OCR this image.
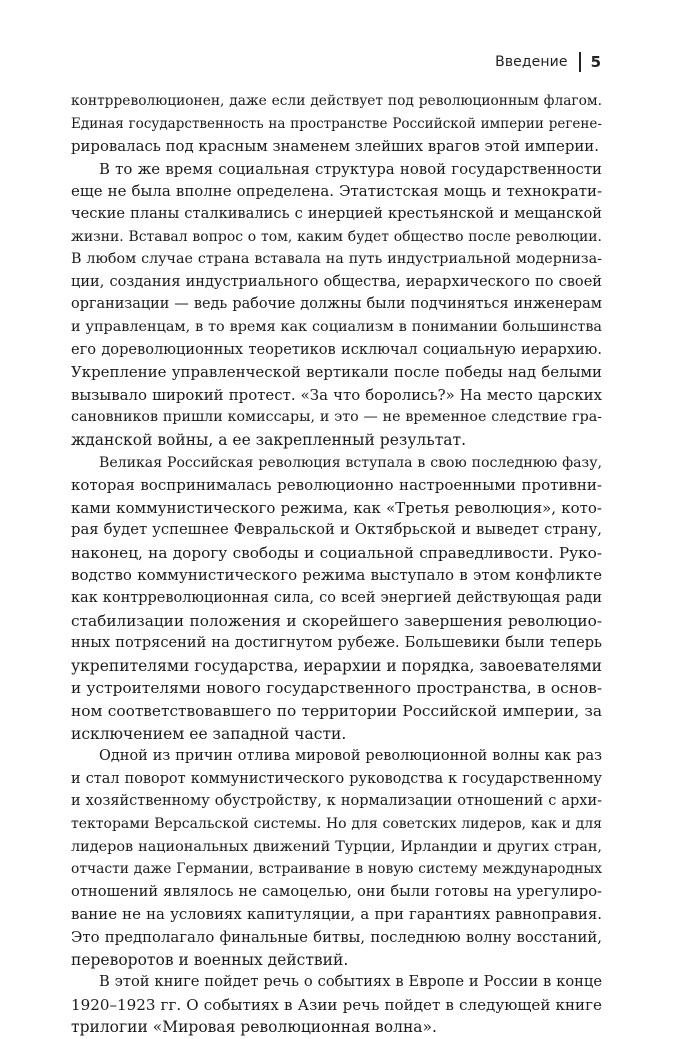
Введение 5
контрреволюционен, даже если действует под революционным флагом.
Единая государственность на пространстве Российской империи регене-
рировалась под красным знаменем злейших врагов этой империи.
В то же время социальная структура новой государственности
еще не была вполне определена. Этатистская мощь и технократи-
ческие планы сталкивались с инерцией крестьянской и мещанской
жизни. Вставал вопрос о том, каким будет общество после революции.
В любом случае страна вставала на путь индустриальной модернизa-
ции, создания индустриального общества, иерархического по своей
организации — ведь рабочие должны были подчиняться инженерам
и управленцам, в то время как социализм в понимании большинства
его дореволюционных теоретиков исключал социальную иерархию.
Укрепление управленческой вертикали после победы над белыми
вызывало широкий протест. «За что боролись?» На место царских
сановников пришли комиссары, и это — не временное следствие гра-
жданской войны, а ее закрепленный результат.
Великая Российская революция вступала в свою последнюю фазу,
которая воспринималась революционно настроенными противни-
ками коммунистического режима, как «Третья революция», кото-
рая будет успешнее Февральской и Октябрьской и выведет страну,
наконец, на дорогу свободы и социальной справедливости. Руко-
водство коммунистического режима выступало в этом конфликте
как контрреволюционная сила, со всей энергией действующая ради
стабилизации положения и скорейшего завершения революцио-
нных потрясений на достигнутом рубеже. Большевики были теперь
укрепителями государства, иерархии и порядка, завоевателями
и устроителями нового государственного пространства, в основ-
ном соответствовавшего по территории Российской империи, за
исключением ее западной части.
Одной из причин отлива мировой революционной волны как раз
и стал поворот коммунистического руководства к государственному
и хозяйственному обустройству, к нормализации отношений с архи-
текторами Версальской системы. Но для советских лидеров, как и для
лидеров национальных движений Турции, Ирландии и других стран,
отчасти даже Германии, встраивание в новую систему международных
отношений являлось не самоцелью, они были готовы на урегулиро-
вание не на условиях капитуляции, а при гарантиях равноправия.
Это предполагало финальные битвы, последнюю волну восстаний,
переворотов и военных действий.
В этой книге пойдет речь о событиях в Европе и России в конце
1920–1923 гг. О событиях в Азии речь пойдет в следующей книге
трилогии «Мировая революционная волна».
